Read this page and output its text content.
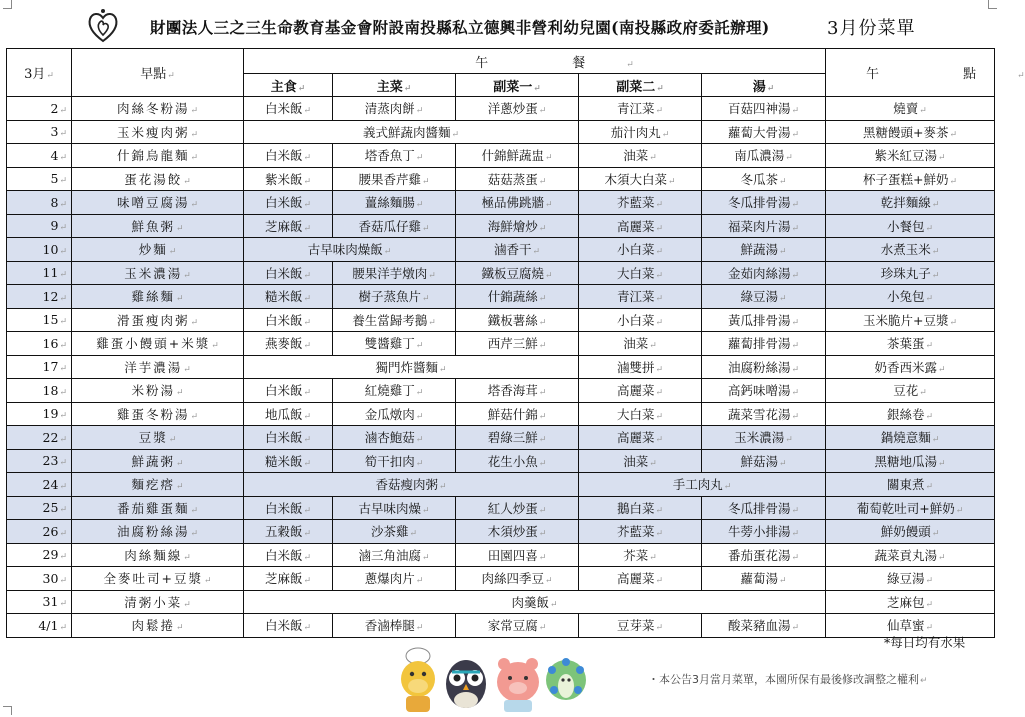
財團法人三之三生命教育基金會附設南投縣私立德興非營利幼兒園(南投縣政府委託辦理)	3月份菜單
3月↵	早點↵	午 餐↵					午 點↵
		主食↵	主菜↵	副菜一↵	副菜二↵	湯↵	
2↵	肉絲冬粉湯↵	白米飯↵	清蒸肉餅↵	洋蔥炒蛋↵	青江菜↵	百菇四神湯↵	燒賣↵
3↵	玉米瘦肉粥↵	義式鮮蔬肉醬麵↵			茄汁肉丸↵	蘿蔔大骨湯↵	黑糖饅頭+麥茶↵
4↵	什錦烏龍麵↵	白米飯↵	塔香魚丁↵	什錦鮮蔬盅↵	油菜↵	南瓜濃湯↵	紫米紅豆湯↵
5↵	蛋花湯餃↵	紫米飯↵	腰果香芹雞↵	菇菇蒸蛋↵	木須大白菜↵	冬瓜茶↵	杯子蛋糕+鮮奶↵
8↵	味噌豆腐湯↵	白米飯↵	薑絲麵腸↵	極品佛跳牆↵	芥藍菜↵	冬瓜排骨湯↵	乾拌麵線↵
9↵	鮮魚粥↵	芝麻飯↵	香菇瓜仔雞↵	海鮮燴炒↵	高麗菜↵	福菜肉片湯↵	小餐包↵
10↵	炒麵↵	古早味肉燥飯↵		滷香干↵	小白菜↵	鮮蔬湯↵	水煮玉米↵
11↵	玉米濃湯↵	白米飯↵	腰果洋芋燉肉↵	鐵板豆腐燒↵	大白菜↵	金茹肉絲湯↵	珍珠丸子↵
12↵	雞絲麵↵	糙米飯↵	樹子蒸魚片↵	什錦蔬絲↵	青江菜↵	綠豆湯↵	小兔包↵
15↵	滑蛋瘦肉粥↵	白米飯↵	養生當歸考鵝↵	鐵板薯絲↵	小白菜↵	黃瓜排骨湯↵	玉米脆片+豆漿↵
16↵	雞蛋小饅頭+米漿↵	燕麥飯↵	雙醬雞丁↵	西芹三鮮↵	油菜↵	蘿蔔排骨湯↵	茶葉蛋↵
17↵	洋芋濃湯↵	獨門炸醬麵↵			滷雙拼↵	油腐粉絲湯↵	奶香西米露↵
18↵	米粉湯↵	白米飯↵	紅燒雞丁↵	塔香海茸↵	高麗菜↵	高鈣味噌湯↵	豆花↵
19↵	雞蛋冬粉湯↵	地瓜飯↵	金瓜燉肉↵	鮮菇什錦↵	大白菜↵	蔬菜雪花湯↵	銀絲卷↵
22↵	豆漿↵	白米飯↵	滷杏鮑菇↵	碧綠三鮮↵	高麗菜↵	玉米濃湯↵	鍋燒意麵↵
23↵	鮮蔬粥↵	糙米飯↵	筍干扣肉↵	花生小魚↵	油菜↵	鮮菇湯↵	黑糖地瓜湯↵
24↵	麵疙瘩↵	香菇瘦肉粥↵			手工肉丸↵		關東煮↵
25↵	番茄雞蛋麵↵	白米飯↵	古早味肉燥↵	紅人炒蛋↵	鵝白菜↵	冬瓜排骨湯↵	葡萄乾吐司+鮮奶↵
26↵	油腐粉絲湯↵	五穀飯↵	沙茶雞↵	木須炒蛋↵	芥藍菜↵	牛蒡小排湯↵	鮮奶饅頭↵
29↵	肉絲麵線↵	白米飯↵	滷三角油腐↵	田園四喜↵	芥菜↵	番茄蛋花湯↵	蔬菜貢丸湯↵
30↵	全麥吐司+豆漿↵	芝麻飯↵	蔥爆肉片↵	肉絲四季豆↵	高麗菜↵	蘿蔔湯↵	綠豆湯↵
31↵	清粥小菜↵	肉羹飯↵					芝麻包↵
4/1↵	肉鬆捲↵	白米飯↵	香滷棒腿↵	家常豆腐↵	豆芽菜↵	酸菜豬血湯↵	仙草蜜↵
*每日均有水果
・本公告3月當月菜單，本園所保有最後修改調整之權利↵
